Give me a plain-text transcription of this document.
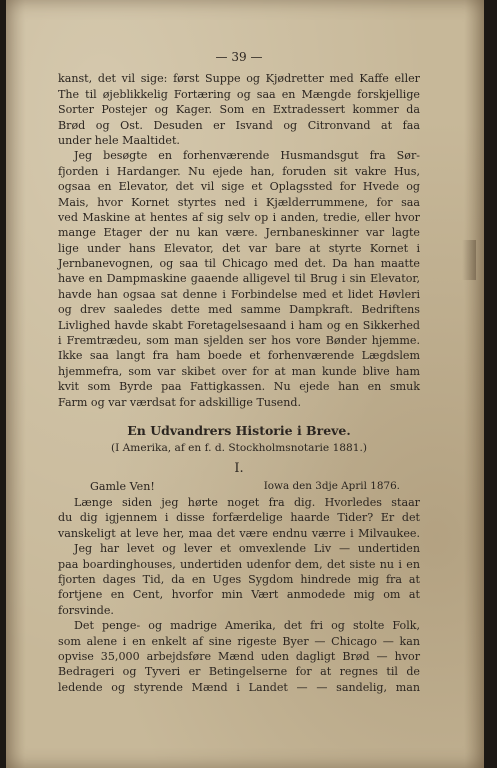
— 39 —
kanst, det vil sige: først Suppe og Kjødretter med Kaffe eller
The til øjeblikkelig Fortæring og saa en Mængde forskjellige
Sorter Postejer og Kager. Som en Extradessert kommer da
Brød og Ost. Desuden er Isvand og Citronvand at faa
under hele Maaltidet.
Jeg besøgte en forhenværende Husmandsgut fra Sør-
fjorden i Hardanger. Nu ejede han, foruden sit vakre Hus,
ogsaa en Elevator, det vil sige et Oplagssted for Hvede og
Mais, hvor Kornet styrtes ned i Kjælderrummene, for saa
ved Maskine at hentes af sig selv op i anden, tredie, eller hvor
mange Etager der nu kan være. Jernbaneskinner var lagte
lige under hans Elevator, det var bare at styrte Kornet i
Jernbanevognen, og saa til Chicago med det. Da han maatte
have en Dampmaskine gaaende alligevel til Brug i sin Elevator,
havde han ogsaa sat denne i Forbindelse med et lidet Høvleri
og drev saaledes dette med samme Dampkraft. Bedriftens
Livlighed havde skabt Foretagelsesaand i ham og en Sikkerhed
i Fremtrædeu, som man sjelden ser hos vore Bønder hjemme.
Ikke saa langt fra ham boede et forhenværende Lægdslem
hjemmefra, som var skibet over for at man kunde blive ham
kvit som Byrde paa Fattigkassen. Nu ejede han en smuk
Farm og var værdsat for adskillige Tusend.
En Udvandrers Historie i Breve.
(I Amerika, af en f. d. Stockholmsnotarie 1881.)
I.
Gamle Ven!	Iowa den 3dje April 1876.
Længe siden jeg hørte noget fra dig. Hvorledes staar
du dig igjennem i disse forfærdelige haarde Tider? Er det
vanskeligt at leve her, maa det være endnu værre i Milvaukee.
Jeg har levet og lever et omvexlende Liv — undertiden
paa boardinghouses, undertiden udenfor dem, det siste nu i en
fjorten dages Tid, da en Uges Sygdom hindrede mig fra at
fortjene en Cent, hvorfor min Vært anmodede mig om at
forsvinde.
Det penge- og madrige Amerika, det fri og stolte Folk,
som alene i en enkelt af sine rigeste Byer — Chicago — kan
opvise 35,000 arbejdsføre Mænd uden dagligt Brød — hvor
Bedrageri og Tyveri er Betingelserne for at regnes til de
ledende og styrende Mænd i Landet — — sandelig, man
